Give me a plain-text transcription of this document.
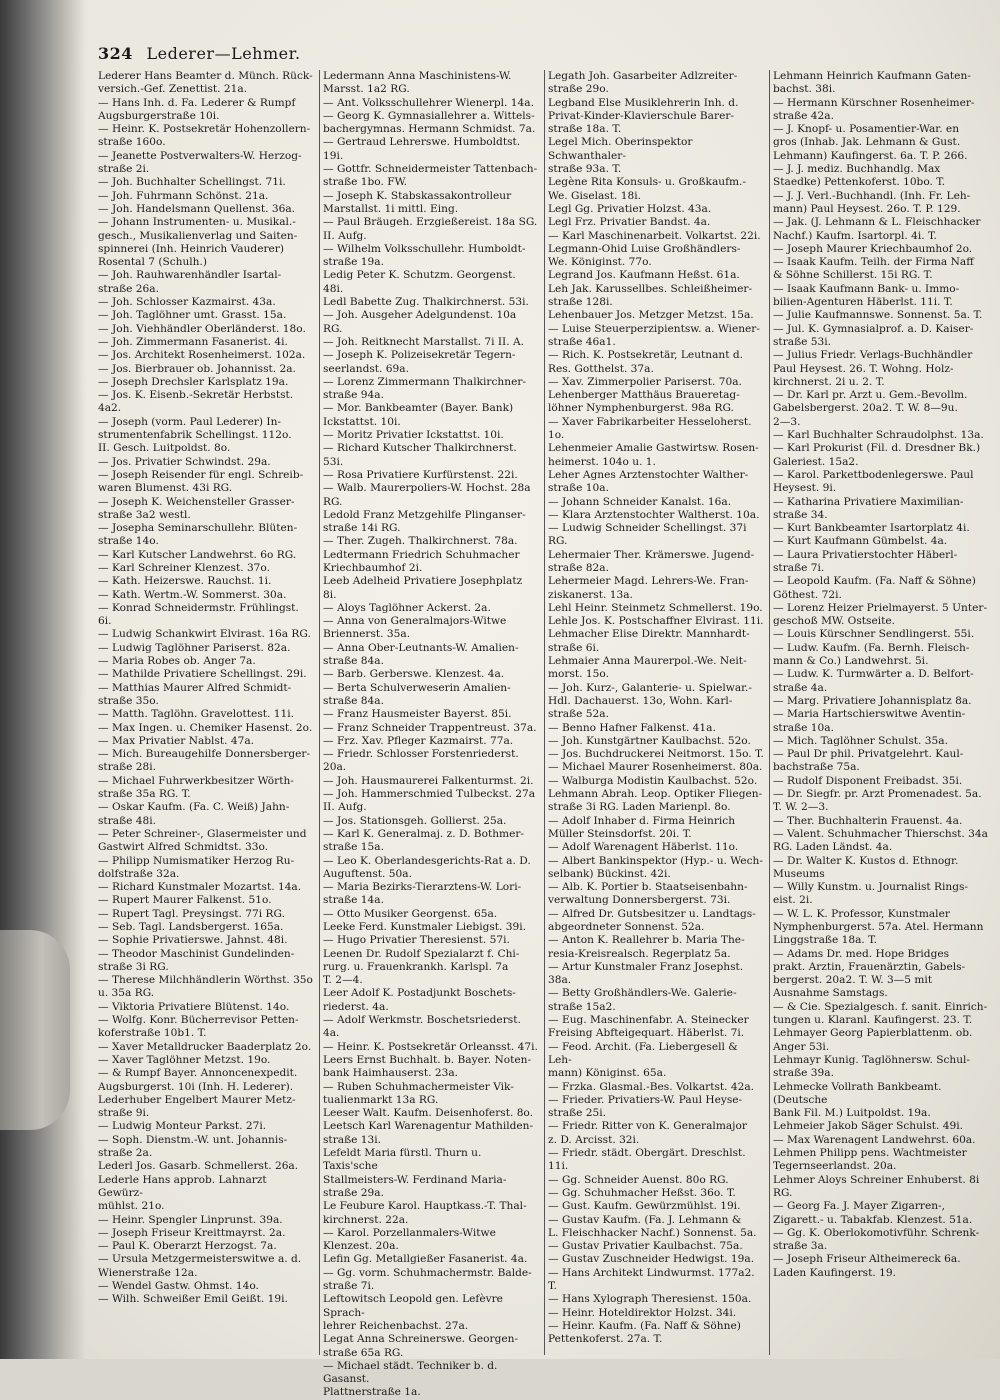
324 Lederer—Lehmer.

Lederer Hans Beamter d. Münch. Rück-
versich.-Gef. Zenettist. 21a.

— Hans Inh. d. Fa. Lederer & Rumpf
Augsburgerstraße 10i.

— Heinr. K. Postsekretär Hohenzollern-
straße 160o.

— Jeanette Postverwalters-W. Herzog-
straße 2i.

— Joh. Buchhalter Schellingst. 71i.

— Joh. Fuhrmann Schönst. 21a.

— Joh. Handelsmann Quellenst. 36a.

— Johann Instrumenten- u. Musikal.-
gesch., Musikalienverlag und Saiten-
spinnerei (Inh. Heinrich Vauderer)
Rosental 7 (Schulh.)

— Joh. Rauhwarenhändler Isartal-
straße 26a.

— Joh. Schlosser Kazmairst. 43a.

— Joh. Taglöhner umt. Grasst. 15a.

— Joh. Viehhändler Oberländerst. 18o.

— Joh. Zimmermann Fasanerist. 4i.

— Jos. Architekt Rosenheimerst. 102a.

— Jos. Bierbrauer ob. Johannisst. 2a.

— Joseph Drechsler Karlsplatz 19a.

— Jos. K. Eisenb.-Sekretär Herbstst. 4a2.

— Joseph (vorm. Paul Lederer) In-
strumentenfabrik Schellingst. 112o.
II. Gesch. Luitpoldst. 8o.

— Jos. Privatier Schwindst. 29a.

— Joseph Reisender für engl. Schreib-
waren Blumenst. 43i RG.

— Joseph K. Weichensteller Grasser-
straße 3a2 westl.

— Josepha Seminarschullehr. Blüten-
straße 14o.

— Karl Kutscher Landwehrst. 6o RG.

— Karl Schreiner Klenzest. 37o.

— Kath. Heizerswe. Rauchst. 1i.

— Kath. Wertm.-W. Sommerst. 30a.

— Konrad Schneidermstr. Frühlingst. 6i.

— Ludwig Schankwirt Elvirast. 16a RG.

— Ludwig Taglöhner Pariserst. 82a.

— Maria Robes ob. Anger 7a.

— Mathilde Privatiere Schellingst. 29i.

— Matthias Maurer Alfred Schmidt-
straße 35o.

— Matth. Taglöhn. Gravelottest. 11i.

— Max Ingen. u. Chemiker Hasenst. 2o.

— Max Privatier Nablst. 47a.

— Mich. Bureaugehilfe Donnersberger-
straße 28i.

— Michael Fuhrwerkbesitzer Wörth-
straße 35a RG. T.

— Oskar Kaufm. (Fa. C. Weiß) Jahn-
straße 48i.

— Peter Schreiner-, Glasermeister und
Gastwirt Alfred Schmidtst. 33o.

— Philipp Numismatiker Herzog Ru-
dolfstraße 32a.

— Richard Kunstmaler Mozartst. 14a.

— Rupert Maurer Falkenst. 51o.

— Rupert Tagl. Preysingst. 77i RG.

— Seb. Tagl. Landsbergerst. 165a.

— Sophie Privatierswe. Jahnst. 48i.

— Theodor Maschinist Gundelinden-
straße 3i RG.

— Therese Milchhändlerin Wörthst. 35o
u. 35a RG.

— Viktoria Privatiere Blütenst. 14o.

— Wolfg. Konr. Bücherrevisor Petten-
koferstraße 10b1. T.

— Xaver Metalldrucker Baaderplatz 2o.

— Xaver Taglöhner Metzst. 19o.

— & Rumpf Bayer. Annoncenexpedit.
Augsburgerst. 10i (Inh. H. Lederer).

Lederhuber Engelbert Maurer Metz-
straße 9i.

— Ludwig Monteur Parkst. 27i.

— Soph. Dienstm.-W. unt. Johannis-
straße 2a.

Lederl Jos. Gasarb. Schmellerst. 26a.

Lederle Hans approb. Lahnarzt Gewürz-
mühlst. 21o.

— Heinr. Spengler Linprunst. 39a.

— Joseph Friseur Kreittmayrst. 2a.

— Paul K. Oberarzt Herzogst. 7a.

— Ursula Metzgermeisterswitwe a. d.
Wienerstraße 12a.

— Wendel Gastw. Ohmst. 14o.

— Wilh. Schweißer Emil Geißt. 19i.

Ledermann Anna Maschinistens-W.
Marsst. 1a2 RG.

— Ant. Volksschullehrer Wienerpl. 14a.

— Georg K. Gymnasiallehrer a. Wittels-
bachergymnas. Hermann Schmidst. 7a.

— Gertraud Lehrerswe. Humboldtst. 19i.

— Gottfr. Schneidermeister Tattenbach-
straße 1bo. FW.

— Joseph K. Stabskassakontrolleur
Marstallst. 1i mittl. Eing.

— Paul Bräugeh. Erzgießereist. 18a SG.
II. Aufg.

— Wilhelm Volksschullehr. Humboldt-
straße 19a.

Ledig Peter K. Schutzm. Georgenst. 48i.

Ledl Babette Zug. Thalkirchnerst. 53i.

— Joh. Ausgeher Adelgundenst. 10a RG.

— Joh. Reitknecht Marstallst. 7i II. A.

— Joseph K. Polizeisekretär Tegern-
seerlandst. 69a.

— Lorenz Zimmermann Thalkirchner-
straße 94a.

— Mor. Bankbeamter (Bayer. Bank)
Ickstattst. 10i.

— Moritz Privatier Ickstattst. 10i.

— Richard Kutscher Thalkirchnerst. 53i.

— Rosa Privatiere Kurfürstenst. 22i.

— Walb. Maurerpoliers-W. Hochst. 28a
RG.

Ledold Franz Metzgehilfe Plinganser-
straße 14i RG.

— Ther. Zugeh. Thalkirchnerst. 78a.

Ledtermann Friedrich Schuhmacher
Kriechbaumhof 2i.

Leeb Adelheid Privatiere Josephplatz 8i.

— Aloys Taglöhner Ackerst. 2a.

— Anna von Generalmajors-Witwe
Briennerst. 35a.

— Anna Ober-Leutnants-W. Amalien-
straße 84a.

— Barb. Gerberswe. Klenzest. 4a.

— Berta Schulverweserin Amalien-
straße 84a.

— Franz Hausmeister Bayerst. 85i.

— Franz Schneider Trappentreust. 37a.

— Frz. Xav. Pfleger Kazmairst. 77a.

— Friedr. Schlosser Forstenriederst. 20a.

— Joh. Hausmaurerei Falkenturmst. 2i.

— Joh. Hammerschmied Tulbeckst. 27a
II. Aufg.

— Jos. Stationsgeh. Gollierst. 25a.

— Karl K. Generalmaj. z. D. Bothmer-
straße 15a.

— Leo K. Oberlandesgerichts-Rat a. D.
Auguftenst. 50a.

— Maria Bezirks-Tierarztens-W. Lori-
straße 14a.

— Otto Musiker Georgenst. 65a.

Leeke Ferd. Kunstmaler Liebigst. 39i.

— Hugo Privatier Theresienst. 57i.

Leenen Dr. Rudolf Spezialarzt f. Chi-
rurg. u. Frauenkrankh. Karlspl. 7a
T. 2—4.

Leer Adolf K. Postadjunkt Boschets-
riederst. 4a.

— Adolf Werkmstr. Boschetsriederst. 4a.

— Heinr. K. Postsekretär Orleansst. 47i.

Leers Ernst Buchhalt. b. Bayer. Noten-
bank Haimhauserst. 23a.

— Ruben Schuhmachermeister Vik-
tualienmarkt 13a RG.

Leeser Walt. Kaufm. Deisenhoferst. 8o.

Leetsch Karl Warenagentur Mathilden-
straße 13i.

Lefeldt Maria fürstl. Thurn u. Taxis'sche
Stallmeisters-W. Ferdinand Maria-
straße 29a.

Le Feubure Karol. Hauptkass.-T. Thal-
kirchnerst. 22a.

— Karol. Porzellanmalers-Witwe
Klenzest. 20a.

Lefin Gg. Metallgießer Fasanerist. 4a.

— Gg. vorm. Schuhmachermstr. Balde-
straße 7i.

Leftowitsch Leopold gen. Lefèvre Sprach-
lehrer Reichenbachst. 27a.

Legat Anna Schreinerswe. Georgen-
straße 65a RG.

— Michael städt. Techniker b. d. Gasanst.
Plattnerstraße 1a.

Legath Joh. Gasarbeiter Adlzreiter-
straße 29o.

Legband Else Musiklehrerin Inh. d.
Privat-Kinder-Klavierschule Barer-
straße 18a. T.

Legel Mich. Oberinspektor Schwanthaler-
straße 93a. T.

Legène Rita Konsuls- u. Großkaufm.-
We. Giselast. 18i.

Legl Gg. Privatier Holzst. 43a.

Legl Frz. Privatier Bandst. 4a.

— Karl Maschinenarbeit. Volkartst. 22i.

Legmann-Ohid Luise Großhändlers-
We. Königinst. 77o.

Legrand Jos. Kaufmann Heßst. 61a.

Leh Jak. Karussellbes. Schleißheimer-
straße 128i.

Lehenbauer Jos. Metzger Metzst. 15a.

— Luise Steuerperzipientsw. a. Wiener-
straße 46a1.

— Rich. K. Postsekretär, Leutnant d.
Res. Gotthelst. 37a.

— Xav. Zimmerpolier Pariserst. 70a.

Lehenberger Matthäus Braueretag-
löhner Nymphenburgerst. 98a RG.

— Xaver Fabrikarbeiter Hesseloherst. 1o.

Lehenmeier Amalie Gastwirtsw. Rosen-
heimerst. 104o u. 1.

Leher Agnes Arztenstochter Walther-
straße 10a.

— Johann Schneider Kanalst. 16a.

— Klara Arztenstochter Waltherst. 10a.

— Ludwig Schneider Schellingst. 37i
RG.

Lehermaier Ther. Krämerswe. Jugend-
straße 82a.

Lehermeier Magd. Lehrers-We. Fran-
ziskanerst. 13a.

Lehl Heinr. Steinmetz Schmellerst. 19o.

Lehle Jos. K. Postschaffner Elvirast. 11i.

Lehmacher Elise Direktr. Mannhardt-
straße 6i.

Lehmaier Anna Maurerpol.-We. Neit-
morst. 15o.

— Joh. Kurz-, Galanterie- u. Spielwar.-
Hdl. Dachauerst. 13o, Wohn. Karl-
straße 52a.

— Benno Hafner Falkenst. 41a.

— Joh. Kunstgärtner Kaulbachst. 52o.

— Jos. Buchdruckerei Neitmorst. 15o. T.

— Michael Maurer Rosenheimerst. 80a.

— Walburga Modistin Kaulbachst. 52o.

Lehmann Abrah. Leop. Optiker Fliegen-
straße 3i RG. Laden Marienpl. 8o.

— Adolf Inhaber d. Firma Heinrich
Müller Steinsdorfst. 20i. T.

— Adolf Warenagent Häberlst. 11o.

— Albert Bankinspektor (Hyp.- u. Wech-
selbank) Bückinst. 42i.

— Alb. K. Portier b. Staatseisenbahn-
verwaltung Donnersbergerst. 73i.

— Alfred Dr. Gutsbesitzer u. Landtags-
abgeordneter Sonnenst. 52a.

— Anton K. Reallehrer b. Maria The-
resia-Kreisrealsch. Regerplatz 5a.

— Artur Kunstmaler Franz Josephst. 38a.

— Betty Großhändlers-We. Galerie-
straße 15a2.

— Eug. Maschinenfabr. A. Steinecker
Freising Abfteigequart. Häberlst. 7i.

— Feod. Archit. (Fa. Liebergesell & Leh-
mann) Königinst. 65a.

— Frzka. Glasmal.-Bes. Volkartst. 42a.

— Frieder. Privatiers-W. Paul Heyse-
straße 25i.

— Friedr. Ritter von K. Generalmajor
z. D. Arcisst. 32i.

— Friedr. städt. Obergärt. Dreschlst. 11i.

— Gg. Schneider Auenst. 80o RG.

— Gg. Schuhmacher Heßst. 36o. T.

— Gust. Kaufm. Gewürzmühlst. 19i.

— Gustav Kaufm. (Fa. J. Lehmann &
L. Fleischhacker Nachf.) Sonnenst. 5a.

— Gustav Privatier Kaulbachst. 75a.

— Gustav Zuschneider Hedwigst. 19a.

— Hans Architekt Lindwurmst. 177a2. T.

— Hans Xylograph Theresienst. 150a.

— Heinr. Hoteldirektor Holzst. 34i.

— Heinr. Kaufm. (Fa. Naff & Söhne)
Pettenkoferst. 27a. T.

Lehmann Heinrich Kaufmann Gaten-
bachst. 38i.

— Hermann Kürschner Rosenheimer-
straße 42a.

— J. Knopf- u. Posamentier-War. en
gros (Inhab. Jak. Lehmann & Gust.
Lehmann) Kaufingerst. 6a. T. P. 266.

— J. J. mediz. Buchhandlg. Max
Staedke) Pettenkoferst. 10bo. T.

— J. J. Verl.-Buchhandl. (Inh. Fr. Leh-
mann) Paul Heysest. 26o. T. P. 129.

— Jak. (J. Lehmann & L. Fleischhacker
Nachf.) Kaufm. Isartorpl. 4i. T.

— Joseph Maurer Kriechbaumhof 2o.

— Isaak Kaufm. Teilh. der Firma Naff
& Söhne Schillerst. 15i RG. T.

— Isaak Kaufmann Bank- u. Immo-
bilien-Agenturen Häberlst. 11i. T.

— Julie Kaufmannswe. Sonnenst. 5a. T.

— Jul. K. Gymnasialprof. a. D. Kaiser-
straße 53i.

— Julius Friedr. Verlags-Buchhändler
Paul Heysest. 26. T. Wohng. Holz-
kirchnerst. 2i u. 2. T.

— Dr. Karl pr. Arzt u. Gem.-Bevollm.
Gabelsbergerst. 20a2. T. W. 8—9u.
2—3.

— Karl Buchhalter Schraudolphst. 13a.

— Karl Prokurist (Fil. d. Dresdner Bk.)
Galeriest. 15a2.

— Karol. Parkettbodenlegerswe. Paul
Heysest. 9i.

— Katharina Privatiere Maximilian-
straße 34.

— Kurt Bankbeamter Isartorplatz 4i.

— Kurt Kaufmann Gümbelst. 4a.

— Laura Privatierstochter Häberl-
straße 7i.

— Leopold Kaufm. (Fa. Naff & Söhne)
Göthest. 72i.

— Lorenz Heizer Prielmayerst. 5 Unter-
geschoß MW. Ostseite.

— Louis Kürschner Sendlingerst. 55i.

— Ludw. Kaufm. (Fa. Bernh. Fleisch-
mann & Co.) Landwehrst. 5i.

— Ludw. K. Turmwärter a. D. Belfort-
straße 4a.

— Marg. Privatiere Johannisplatz 8a.

— Maria Hartschierswitwe Aventin-
straße 10a.

— Mich. Taglöhner Schulst. 35a.

— Paul Dr phil. Privatgelehrt. Kaul-
bachstraße 75a.

— Rudolf Disponent Freibadst. 35i.

— Dr. Siegfr. pr. Arzt Promenadest. 5a.
T. W. 2—3.

— Ther. Buchhalterin Frauenst. 4a.

— Valent. Schuhmacher Thierschst. 34a
RG. Laden Ländst. 4a.

— Dr. Walter K. Kustos d. Ethnogr.
Museums

— Willy Kunstm. u. Journalist Rings-
eist. 2i.

— W. L. K. Professor, Kunstmaler
Nymphenburgerst. 57a. Atel. Hermann
Linggstraße 18a. T.

— Adams Dr. med. Hope Bridges
prakt. Arztin, Frauenärztin, Gabels-
bergerst. 20a2. T. W. 3—5 mit
Ausnahme Samstags.

— & Cie. Spezialgesch. f. sanit. Einrich-
tungen u. Klaranl. Kaufingerst. 23. T.

Lehmayer Georg Papierblattenm. ob.
Anger 53i.

Lehmayr Kunig. Taglöhnersw. Schul-
straße 39a.

Lehmecke Vollrath Bankbeamt. (Deutsche
Bank Fil. M.) Luitpoldst. 19a.

Lehmeier Jakob Säger Schulst. 49i.

— Max Warenagent Landwehrst. 60a.

Lehmen Philipp pens. Wachtmeister
Tegernseerlandst. 20a.

Lehmer Aloys Schreiner Enhuberst. 8i
RG.

— Georg Fa. J. Mayer Zigarren-,
Zigarett.- u. Tabakfab. Klenzest. 51a.

— Gg. K. Oberlokomotivführ. Schrenk-
straße 3a.

— Joseph Friseur Altheimereck 6a.
Laden Kaufingerst. 19.
